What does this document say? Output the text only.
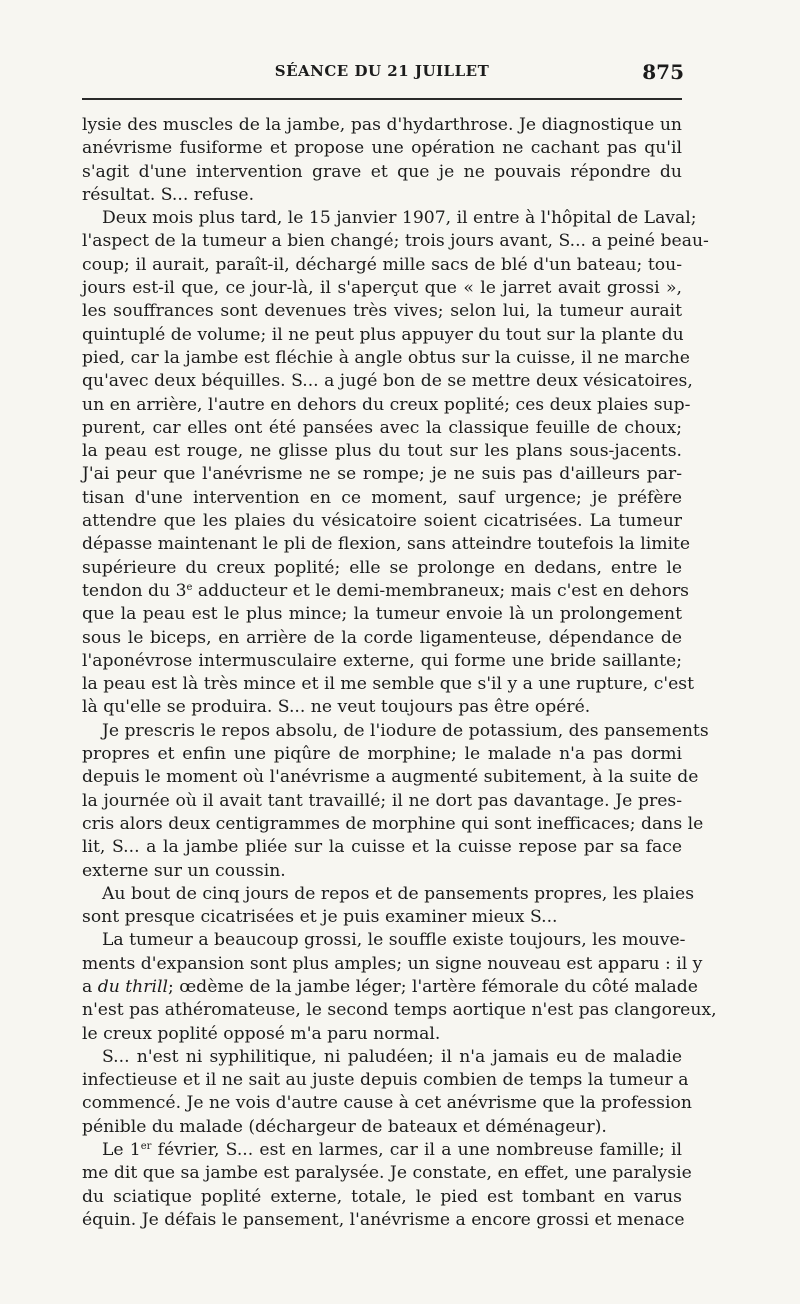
SÉANCE DU 21 JUILLET	875
lysie des muscles de la jambe, pas d'hydarthrose. Je diagnostique un
anévrisme fusiforme et propose une opération ne cachant pas qu'il
s'agit d'une intervention grave et que je ne pouvais répondre du
résultat. S... refuse.
Deux mois plus tard, le 15 janvier 1907, il entre à l'hôpital de Laval;
l'aspect de la tumeur a bien changé; trois jours avant, S... a peiné beau-
coup; il aurait, paraît-il, déchargé mille sacs de blé d'un bateau; tou-
jours est-il que, ce jour-là, il s'aperçut que « le jarret avait grossi »,
les souffrances sont devenues très vives; selon lui, la tumeur aurait
quintuplé de volume; il ne peut plus appuyer du tout sur la plante du
pied, car la jambe est fléchie à angle obtus sur la cuisse, il ne marche
qu'avec deux béquilles. S... a jugé bon de se mettre deux vésicatoires,
un en arrière, l'autre en dehors du creux poplité; ces deux plaies sup-
purent, car elles ont été pansées avec la classique feuille de choux;
la peau est rouge, ne glisse plus du tout sur les plans sous-jacents.
J'ai peur que l'anévrisme ne se rompe; je ne suis pas d'ailleurs par-
tisan d'une intervention en ce moment, sauf urgence; je préfère
attendre que les plaies du vésicatoire soient cicatrisées. La tumeur
dépasse maintenant le pli de flexion, sans atteindre toutefois la limite
supérieure du creux poplité; elle se prolonge en dedans, entre le
tendon du 3e adducteur et le demi-membraneux; mais c'est en dehors
que la peau est le plus mince; la tumeur envoie là un prolongement
sous le biceps, en arrière de la corde ligamenteuse, dépendance de
l'aponévrose intermusculaire externe, qui forme une bride saillante;
la peau est là très mince et il me semble que s'il y a une rupture, c'est
là qu'elle se produira. S... ne veut toujours pas être opéré.
Je prescris le repos absolu, de l'iodure de potassium, des pansements
propres et enfin une piqûre de morphine; le malade n'a pas dormi
depuis le moment où l'anévrisme a augmenté subitement, à la suite de
la journée où il avait tant travaillé; il ne dort pas davantage. Je pres-
cris alors deux centigrammes de morphine qui sont inefficaces; dans le
lit, S... a la jambe pliée sur la cuisse et la cuisse repose par sa face
externe sur un coussin.
Au bout de cinq jours de repos et de pansements propres, les plaies
sont presque cicatrisées et je puis examiner mieux S...
La tumeur a beaucoup grossi, le souffle existe toujours, les mouve-
ments d'expansion sont plus amples; un signe nouveau est apparu : il y
a du thrill; œdème de la jambe léger; l'artère fémorale du côté malade
n'est pas athéromateuse, le second temps aortique n'est pas clangoreux,
le creux poplité opposé m'a paru normal.
S... n'est ni syphilitique, ni paludéen; il n'a jamais eu de maladie
infectieuse et il ne sait au juste depuis combien de temps la tumeur a
commencé. Je ne vois d'autre cause à cet anévrisme que la profession
pénible du malade (déchargeur de bateaux et déménageur).
Le 1er février, S... est en larmes, car il a une nombreuse famille; il
me dit que sa jambe est paralysée. Je constate, en effet, une paralysie
du sciatique poplité externe, totale, le pied est tombant en varus
équin. Je défais le pansement, l'anévrisme a encore grossi et menace
